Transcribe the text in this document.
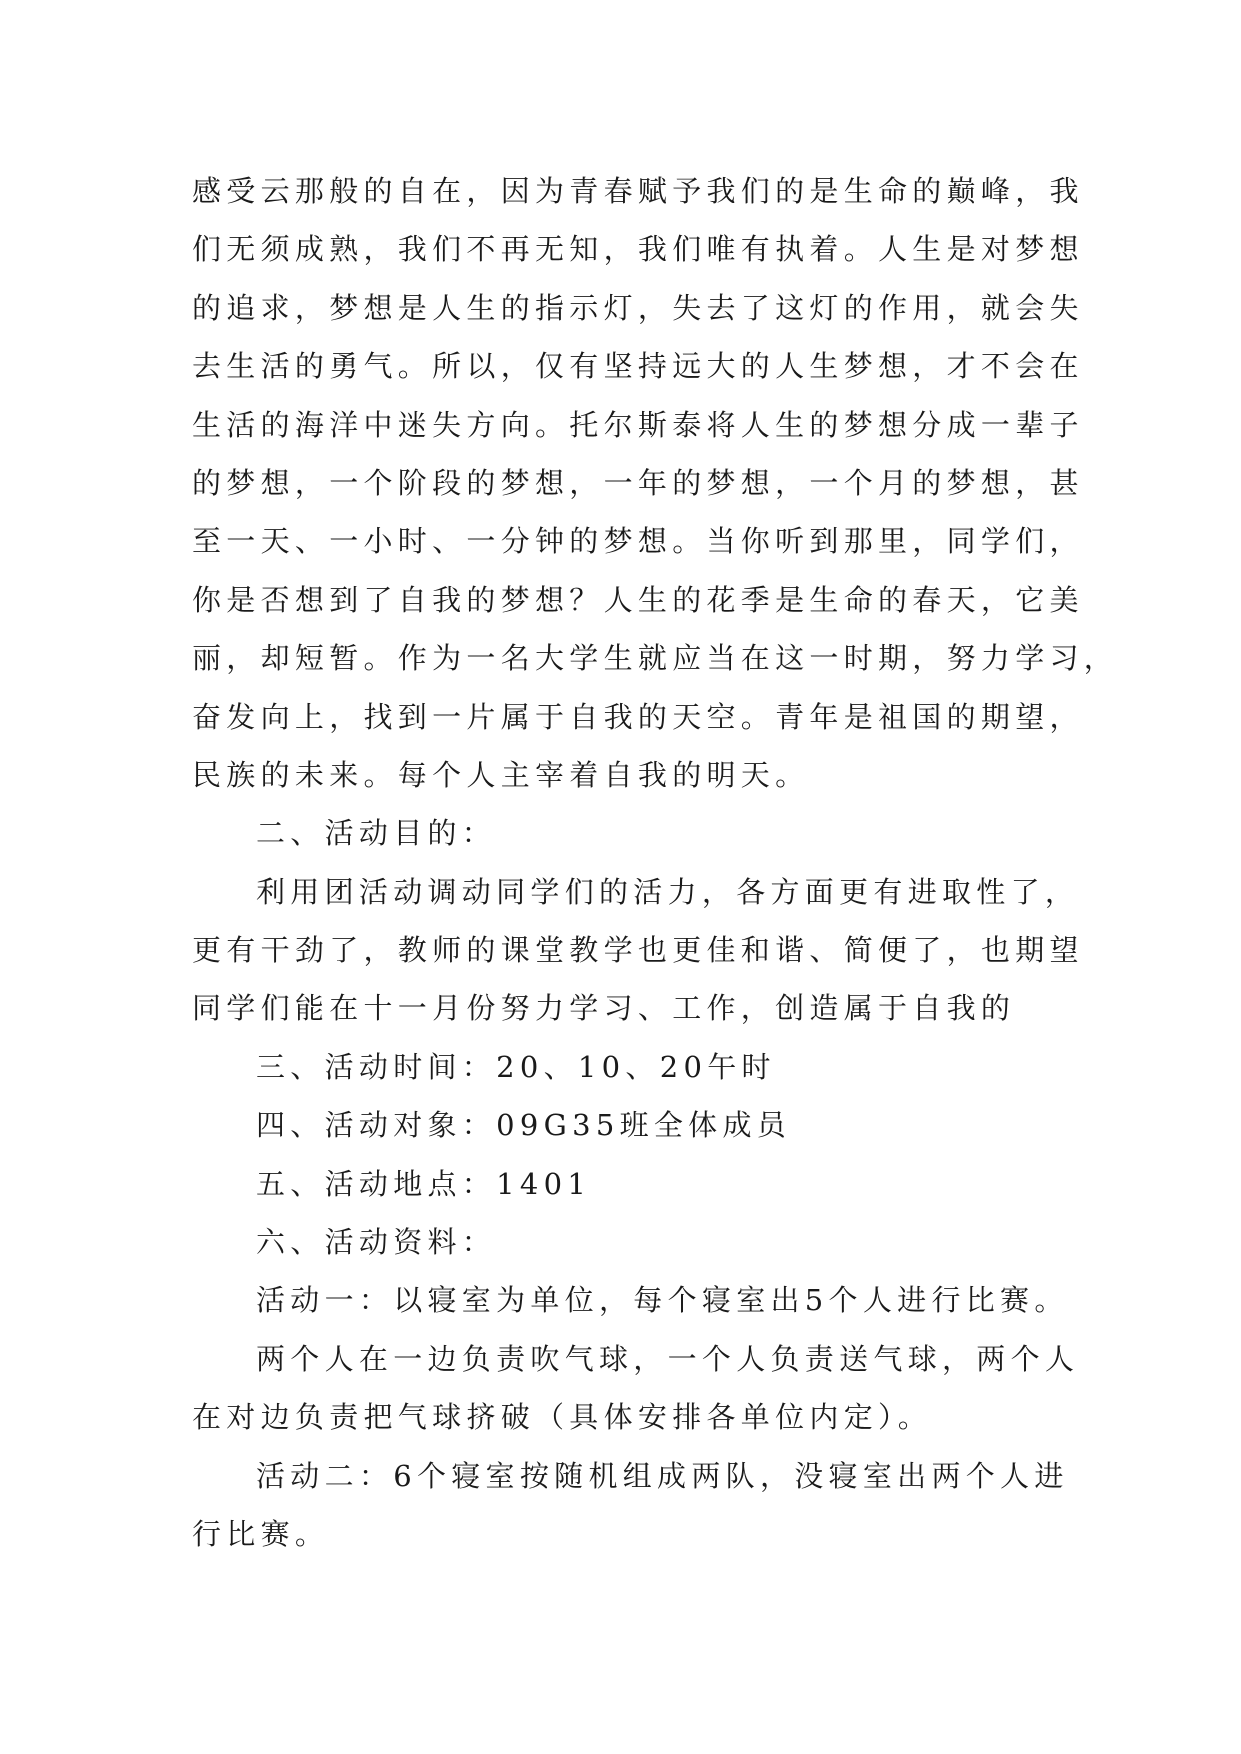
感受云那般的自在，因为青春赋予我们的是生命的巅峰，我
们无须成熟，我们不再无知，我们唯有执着。人生是对梦想
的追求，梦想是人生的指示灯，失去了这灯的作用，就会失
去生活的勇气。所以，仅有坚持远大的人生梦想，才不会在
生活的海洋中迷失方向。托尔斯泰将人生的梦想分成一辈子
的梦想，一个阶段的梦想，一年的梦想，一个月的梦想，甚
至一天、一小时、一分钟的梦想。当你听到那里，同学们，
你是否想到了自我的梦想？人生的花季是生命的春天，它美
丽，却短暂。作为一名大学生就应当在这一时期，努力学习，
奋发向上，找到一片属于自我的天空。青年是祖国的期望，
民族的未来。每个人主宰着自我的明天。
二、活动目的：
利用团活动调动同学们的活力，各方面更有进取性了，
更有干劲了，教师的课堂教学也更佳和谐、简便了，也期望
同学们能在十一月份努力学习、工作，创造属于自我的
三、活动时间：20、10、20午时
四、活动对象：09G35班全体成员
五、活动地点：1401
六、活动资料：
活动一：以寝室为单位，每个寝室出5个人进行比赛。
两个人在一边负责吹气球，一个人负责送气球，两个人
在对边负责把气球挤破（具体安排各单位内定）。
活动二：6个寝室按随机组成两队，没寝室出两个人进
行比赛。
